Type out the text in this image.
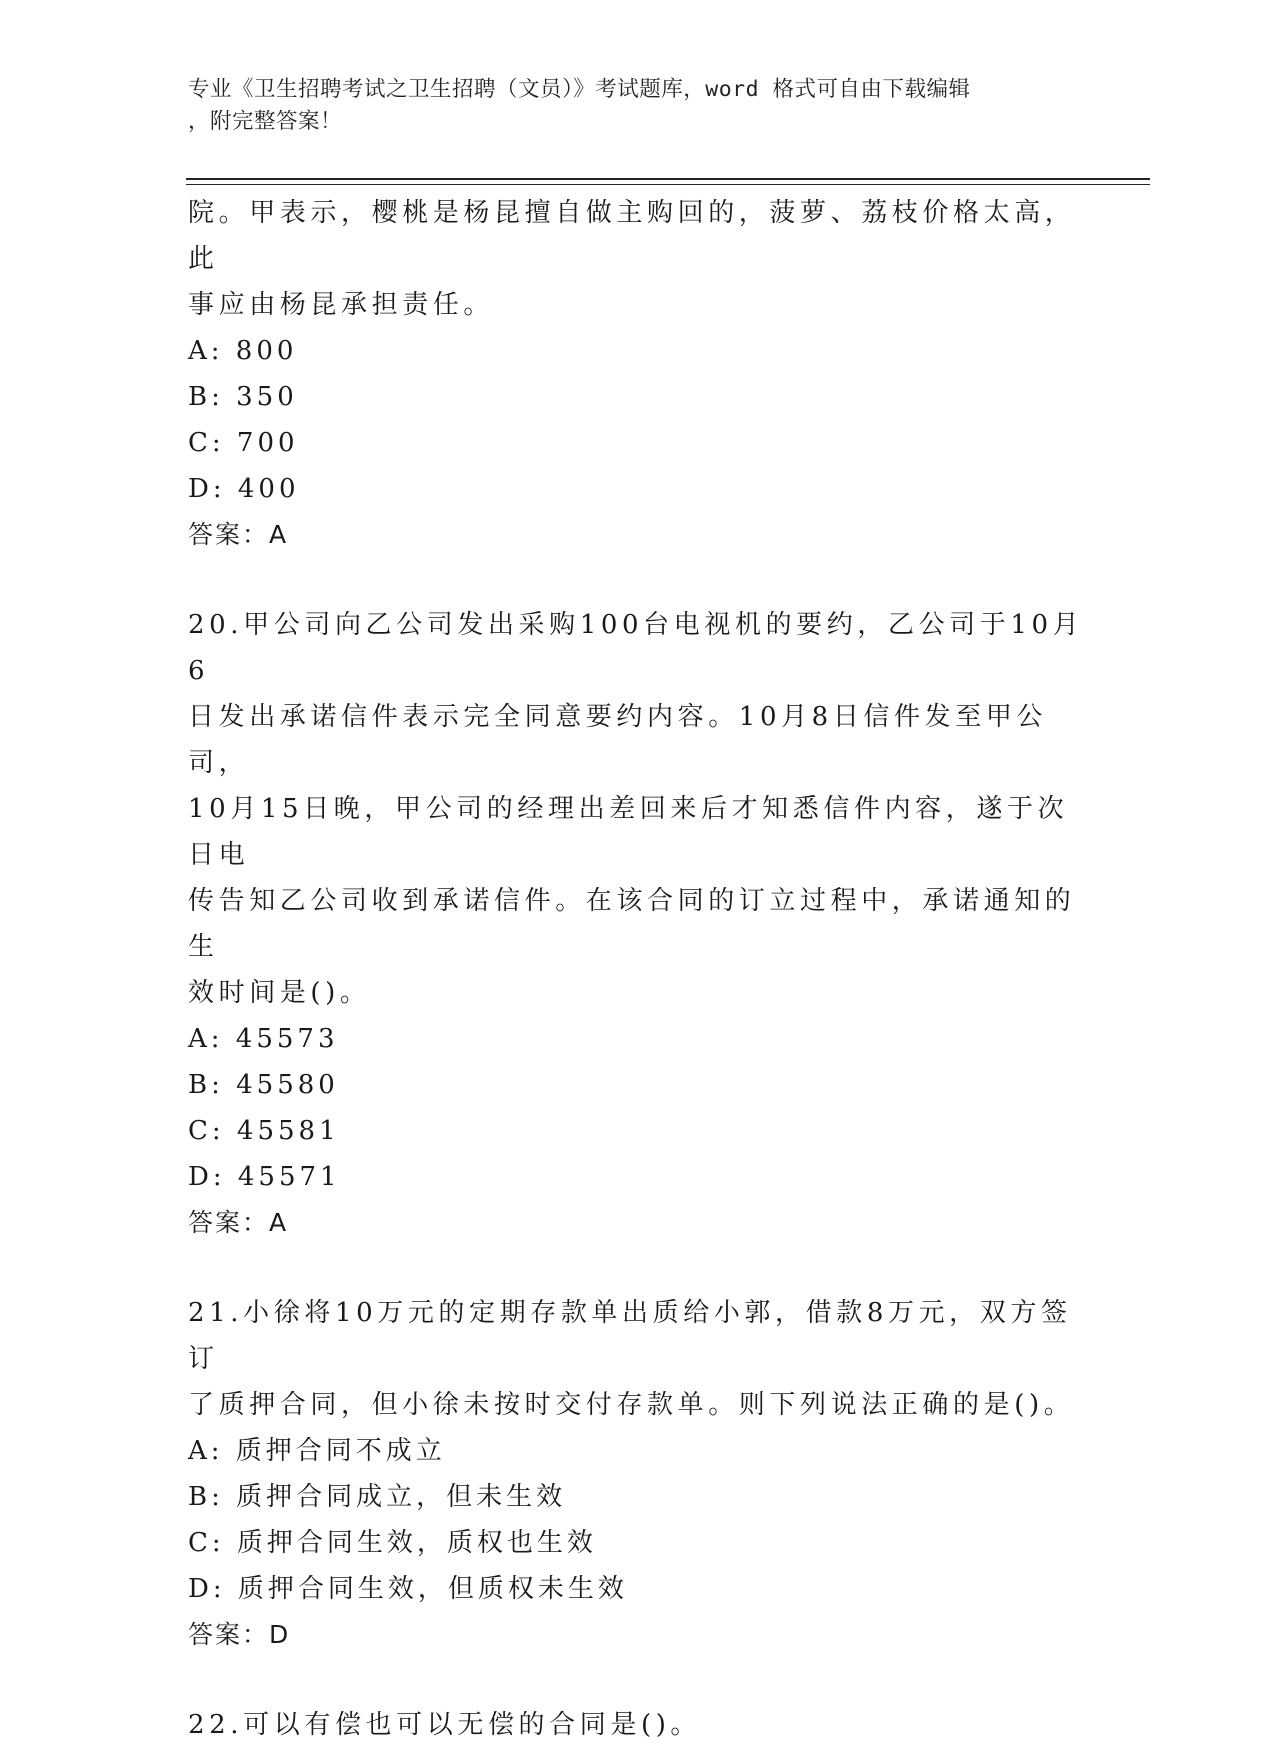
专业《卫生招聘考试之卫生招聘（文员）》考试题库，word 格式可自由下载编辑
，附完整答案！

院。甲表示，樱桃是杨昆擅自做主购回的，菠萝、荔枝价格太高，此

事应由杨昆承担责任。

A: 800

B: 350

C: 700

D: 400

答案：A

20.甲公司向乙公司发出采购100台电视机的要约，乙公司于10月6

日发出承诺信件表示完全同意要约内容。10月8日信件发至甲公司，

10月15日晚，甲公司的经理出差回来后才知悉信件内容，遂于次日电

传告知乙公司收到承诺信件。在该合同的订立过程中，承诺通知的生

效时间是()。

A: 45573

B: 45580

C: 45581

D: 45571

答案：A

21.小徐将10万元的定期存款单出质给小郭，借款8万元，双方签订

了质押合同，但小徐未按时交付存款单。则下列说法正确的是()。

A: 质押合同不成立

B: 质押合同成立，但未生效

C: 质押合同生效，质权也生效

D: 质押合同生效，但质权未生效

答案：D

22.可以有偿也可以无偿的合同是()。
